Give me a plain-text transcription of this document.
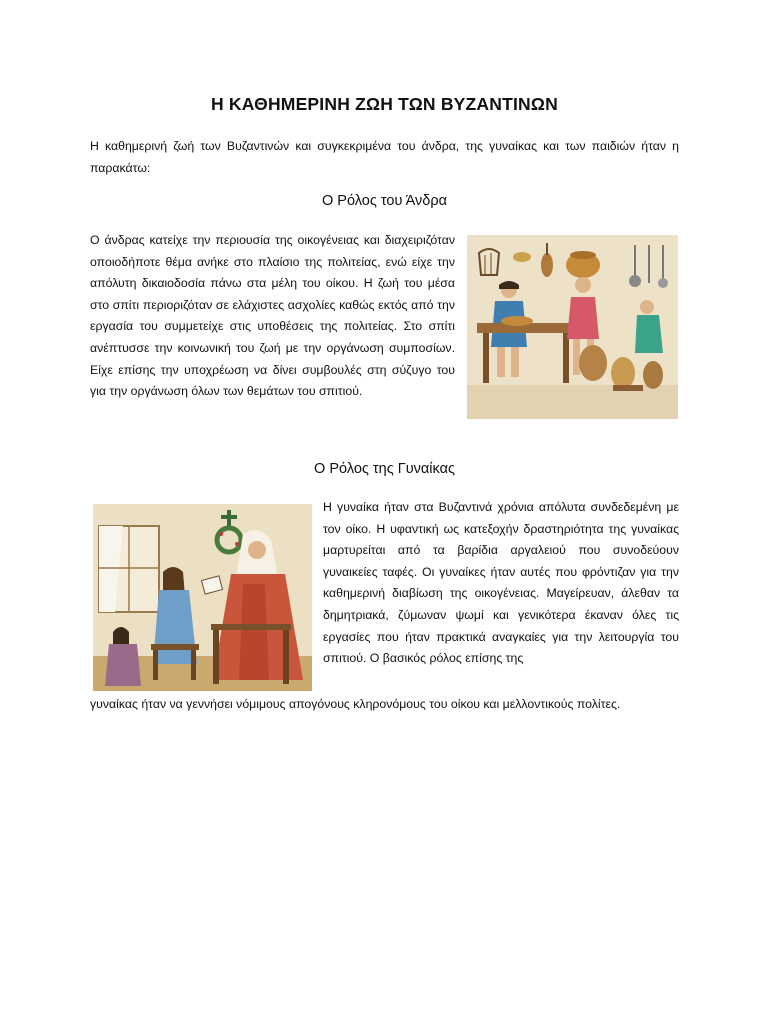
Η ΚΑΘΗΜΕΡΙΝΗ ΖΩΗ ΤΩΝ ΒΥΖΑΝΤΙΝΩΝ

Η καθημερινή ζωή των Βυζαντινών και συγκεκριμένα του άνδρα, της γυναίκας και των παιδιών ήταν η παρακάτω:

Ο Ρόλος του Άνδρα

Ο άνδρας κατείχε την περιουσία της οικογένειας και διαχειριζόταν οποιοδήποτε θέμα ανήκε στο πλαίσιο της πολιτείας, ενώ είχε την απόλυτη δικαιοδοσία πάνω στα μέλη του οίκου. Η ζωή του μέσα στο σπίτι περιοριζόταν σε ελάχιστες ασχολίες καθώς εκτός από την εργασία του συμμετείχε στις υποθέσεις της πολιτείας. Στο σπίτι ανέπτυσσε την κοινωνική του ζωή με την οργάνωση συμποσίων. Είχε επίσης την υποχρέωση να δίνει συμβουλές στη σύζυγο του για την οργάνωση όλων των θεμάτων του σπιτιού.

Ο Ρόλος της Γυναίκας

Η γυναίκα ήταν στα Βυζαντινά χρόνια απόλυτα συνδεδεμένη με τον οίκο. Η υφαντική ως κατεξοχήν δραστηριότητα της γυναίκας μαρτυρείται από τα βαρίδια αργαλειού που συνοδεύουν γυναικείες ταφές. Οι γυναίκες ήταν αυτές που φρόντιζαν για την καθημερινή διαβίωση της οικογένειας. Μαγείρευαν, άλεθαν τα δημητριακά, ζύμωναν ψωμί και γενικότερα έκαναν όλες τις εργασίες που ήταν πρακτικά αναγκαίες για την λειτουργία του σπιτιού. Ο βασικός ρόλος επίσης της

γυναίκας ήταν να γεννήσει νόμιμους απογόνους κληρονόμους του οίκου και μελλοντικούς πολίτες.
